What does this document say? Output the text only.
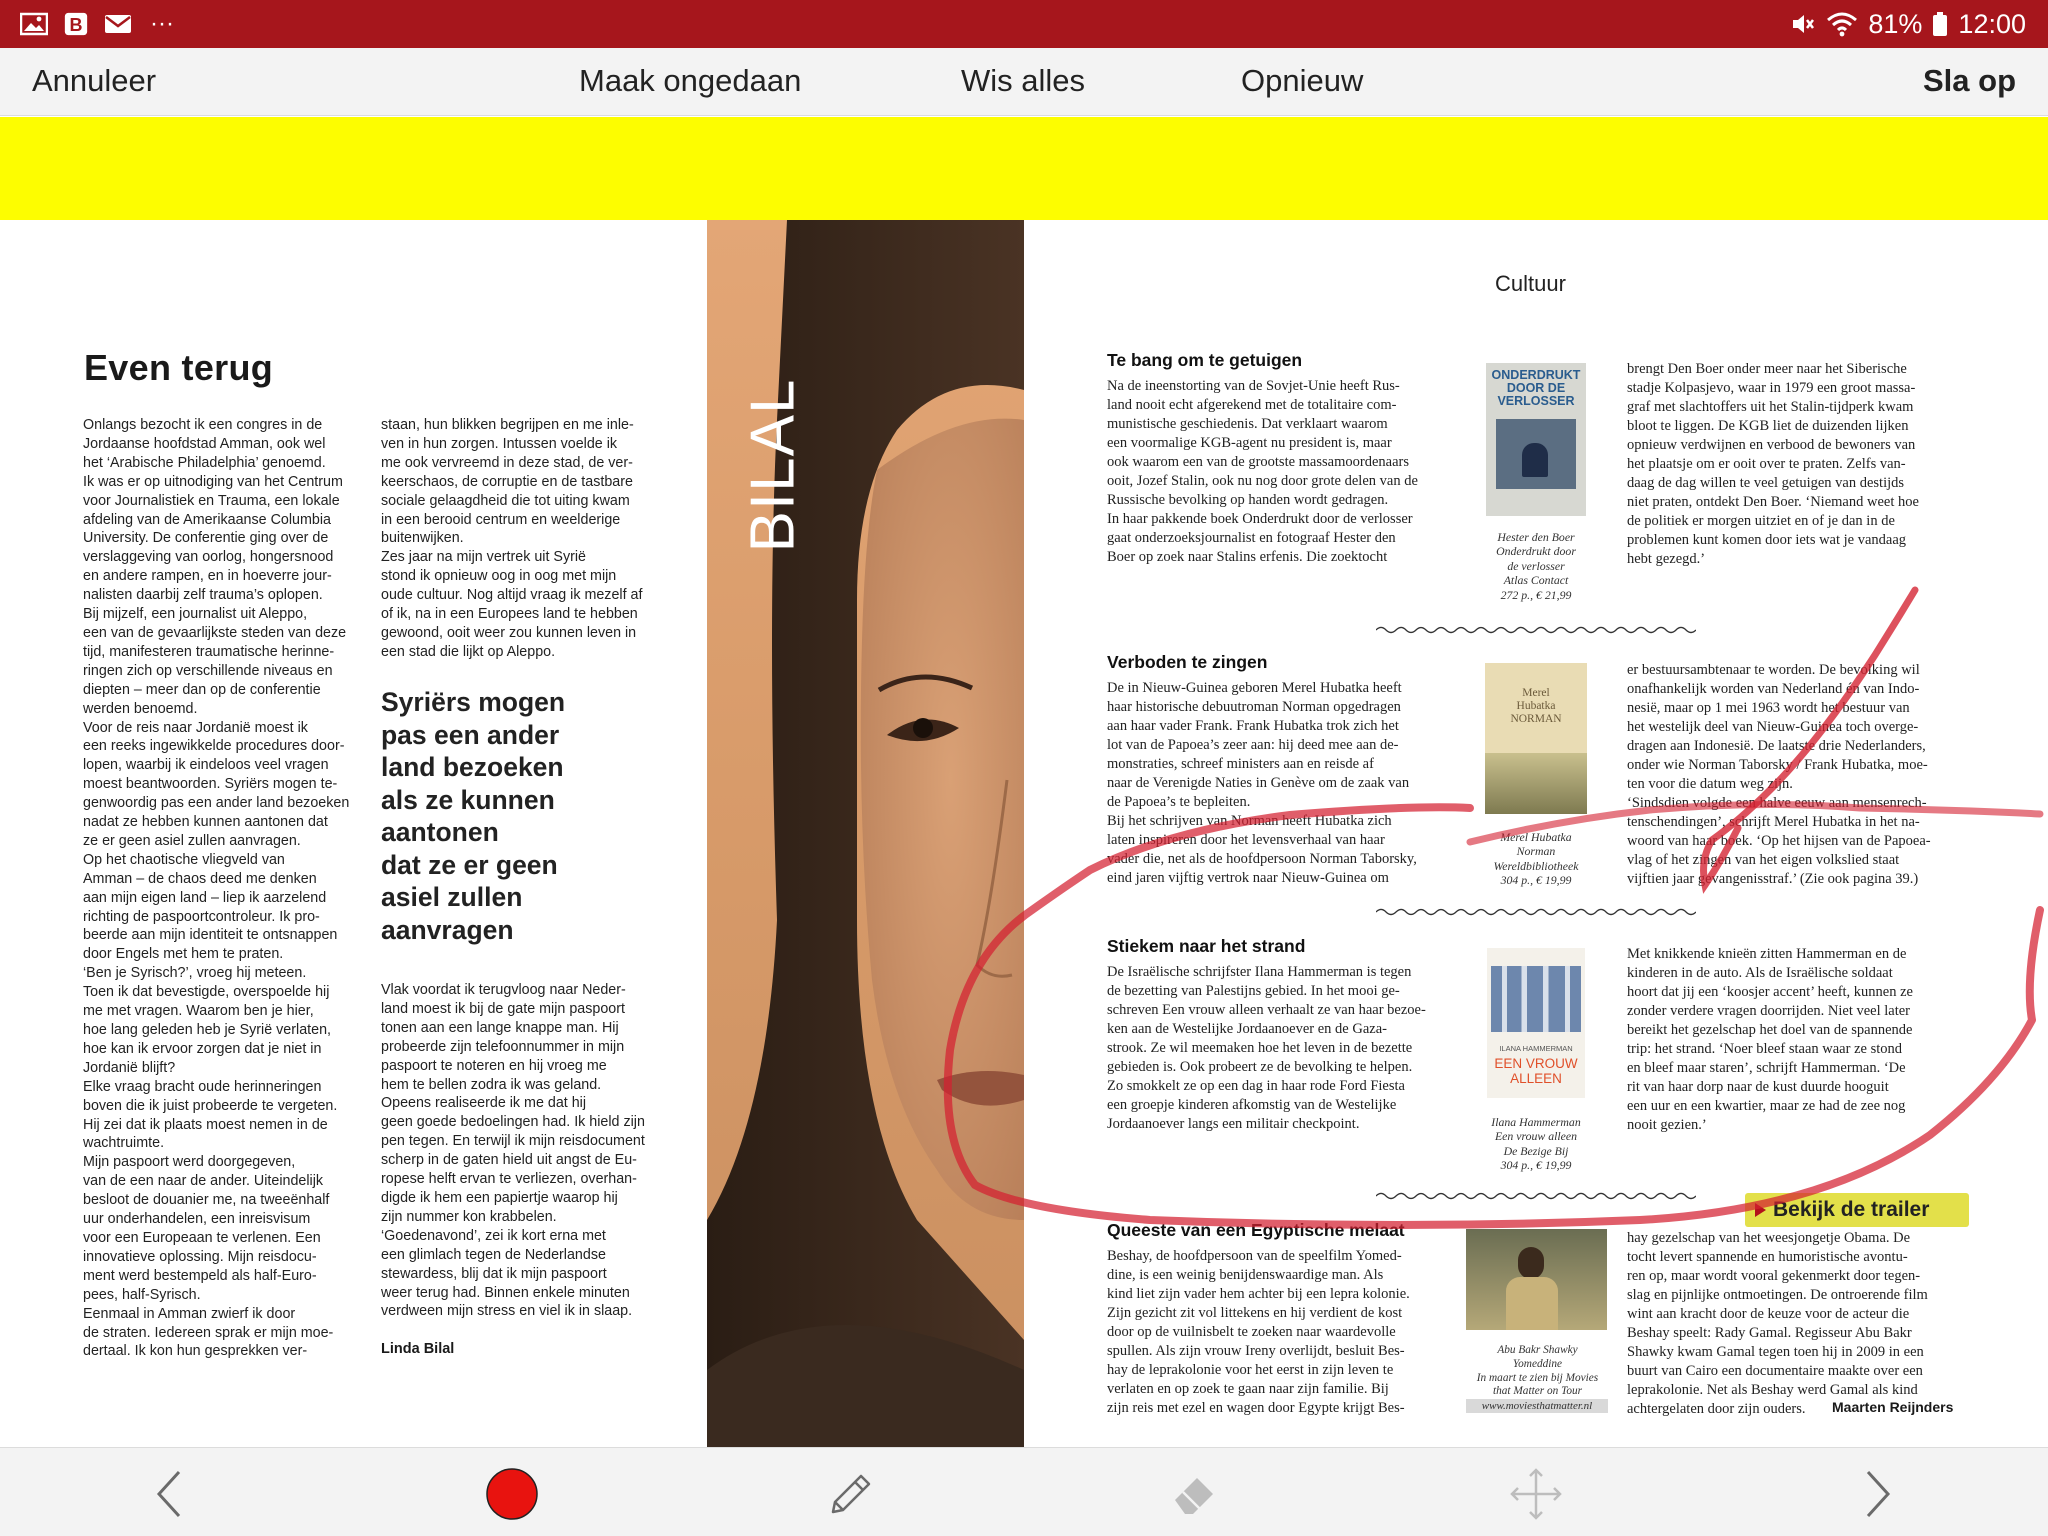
B	···	81% 12:00
Annuleer	Maak ongedaan	Wis alles	Opnieuw	Sla op
Even terug
Onlangs bezocht ik een congres in de
Jordaanse hoofdstad Amman, ook wel
het ‘Arabische Philadelphia’ genoemd.
Ik was er op uitnodiging van het Centrum
voor Journalistiek en Trauma, een lokale
afdeling van de Amerikaanse Columbia
University. De conferentie ging over de
verslaggeving van oorlog, hongersnood
en andere rampen, en in hoeverre jour-
nalisten daarbij zelf trauma’s oplopen.
Bij mijzelf, een journalist uit Aleppo,
een van de gevaarlijkste steden van deze
tijd, manifesteren traumatische herinne-
ringen zich op verschillende niveaus en
diepten – meer dan op de conferentie
werden benoemd.
Voor de reis naar Jordanië moest ik
een reeks ingewikkelde procedures door-
lopen, waarbij ik eindeloos veel vragen
moest beantwoorden. Syriërs mogen te-
genwoordig pas een ander land bezoeken
nadat ze hebben kunnen aantonen dat
ze er geen asiel zullen aanvragen.
Op het chaotische vliegveld van
Amman – de chaos deed me denken
aan mijn eigen land – liep ik aarzelend
richting de paspoortcontroleur. Ik pro-
beerde aan mijn identiteit te ontsnappen
door Engels met hem te praten.
‘Ben je Syrisch?’, vroeg hij meteen.
Toen ik dat bevestigde, overspoelde hij
me met vragen. Waarom ben je hier,
hoe lang geleden heb je Syrië verlaten,
hoe kan ik ervoor zorgen dat je niet in
Jordanië blijft?
Elke vraag bracht oude herinneringen
boven die ik juist probeerde te vergeten.
Hij zei dat ik plaats moest nemen in de
wachtruimte.
Mijn paspoort werd doorgegeven,
van de een naar de ander. Uiteindelijk
besloot de douanier me, na tweeënhalf
uur onderhandelen, een inreisvisum
voor een Europeaan te verlenen. Een
innovatieve oplossing. Mijn reisdocu-
ment werd bestempeld als half-Euro-
pees, half-Syrisch.
Eenmaal in Amman zwierf ik door
de straten. Iedereen sprak er mijn moe-
dertaal. Ik kon hun gesprekken ver-
staan, hun blikken begrijpen en me inle-
ven in hun zorgen. Intussen voelde ik
me ook vervreemd in deze stad, de ver-
keerschaos, de corruptie en de tastbare
sociale gelaagdheid die tot uiting kwam
in een berooid centrum en weelderige
buitenwijken.
Zes jaar na mijn vertrek uit Syrië
stond ik opnieuw oog in oog met mijn
oude cultuur. Nog altijd vraag ik mezelf af
of ik, na in een Europees land te hebben
gewoond, ooit weer zou kunnen leven in
een stad die lijkt op Aleppo.
Syriërs mogen
pas een ander
land bezoeken
als ze kunnen
aantonen
dat ze er geen
asiel zullen
aanvragen
Vlak voordat ik terugvloog naar Neder-
land moest ik bij de gate mijn paspoort
tonen aan een lange knappe man. Hij
probeerde zijn telefoonnummer in mijn
paspoort te noteren en hij vroeg me
hem te bellen zodra ik was geland.
Opeens realiseerde ik me dat hij
geen goede bedoelingen had. Ik hield zijn
pen tegen. En terwijl ik mijn reisdocument
scherp in de gaten hield uit angst de Eu-
ropese helft ervan te verliezen, overhan-
digde ik hem een papiertje waarop hij
zijn nummer kon krabbelen.
‘Goedenavond’, zei ik kort erna met
een glimlach tegen de Nederlandse
stewardess, blij dat ik mijn paspoort
weer terug had. Binnen enkele minuten
verdween mijn stress en viel ik in slaap.
Linda Bilal
BILAL
Cultuur
Te bang om te getuigen
Na de ineenstorting van de Sovjet-Unie heeft Rus-
land nooit echt afgerekend met de totalitaire com-
munistische geschiedenis. Dat verklaart waarom
een voormalige KGB-agent nu president is, maar
ook waarom een van de grootste massamoordenaars
ooit, Jozef Stalin, ook nu nog door grote delen van de
Russische bevolking op handen wordt gedragen.
In haar pakkende boek Onderdrukt door de verlosser
gaat onderzoeksjournalist en fotograaf Hester den
Boer op zoek naar Stalins erfenis. Die zoektocht
ONDERDRUKT
DOOR DE VERLOSSER
Hester den Boer
Onderdrukt door
de verlosser
Atlas Contact
272 p., € 21,99
brengt Den Boer onder meer naar het Siberische
stadje Kolpasjevo, waar in 1979 een groot massa-
graf met slachtoffers uit het Stalin-tijdperk kwam
bloot te liggen. De KGB liet de duizenden lijken
opnieuw verdwijnen en verbood de bewoners van
het plaatsje om er ooit over te praten. Zelfs van-
daag de dag willen te veel getuigen van destijds
niet praten, ontdekt Den Boer. ‘Niemand weet hoe
de politiek er morgen uitziet en of je dan in de
problemen kunt komen door iets wat je vandaag
hebt gezegd.’
Verboden te zingen
De in Nieuw-Guinea geboren Merel Hubatka heeft
haar historische debuutroman Norman opgedragen
aan haar vader Frank. Frank Hubatka trok zich het
lot van de Papoea’s zeer aan: hij deed mee aan de-
monstraties, schreef ministers aan en reisde af
naar de Verenigde Naties in Genève om de zaak van
de Papoea’s te bepleiten.
Bij het schrijven van Norman heeft Hubatka zich
laten inspireren door het levensverhaal van haar
vader die, net als de hoofdpersoon Norman Taborsky,
eind jaren vijftig vertrok naar Nieuw-Guinea om
Merel
Hubatka
NORMAN
Merel Hubatka
Norman
Wereldbibliotheek
304 p., € 19,99
er bestuursambtenaar te worden. De bevolking wil
onafhankelijk worden van Nederland én van Indo-
nesië, maar op 1 mei 1963 wordt het bestuur van
het westelijk deel van Nieuw-Guinea toch overge-
dragen aan Indonesië. De laatste drie Nederlanders,
onder wie Norman Taborsky / Frank Hubatka, moe-
ten voor die datum weg zijn.
‘Sindsdien volgde een halve eeuw aan mensenrech-
tenschendingen’, schrijft Merel Hubatka in het na-
woord van haar boek. ‘Op het hijsen van de Papoea-
vlag of het zingen van het eigen volkslied staat
vijftien jaar gevangenisstraf.’ (Zie ook pagina 39.)
Stiekem naar het strand
De Israëlische schrijfster Ilana Hammerman is tegen
de bezetting van Palestijns gebied. In het mooi ge-
schreven Een vrouw alleen verhaalt ze van haar bezoe-
ken aan de Westelijke Jordaanoever en de Gaza-
strook. Ze wil meemaken hoe het leven in de bezette
gebieden is. Ook probeert ze de bevolking te helpen.
Zo smokkelt ze op een dag in haar rode Ford Fiesta
een groepje kinderen afkomstig van de Westelijke
Jordaanoever langs een militair checkpoint.
ILANA HAMMERMAN
EEN VROUW
ALLEEN
Ilana Hammerman
Een vrouw alleen
De Bezige Bij
304 p., € 19,99
Met knikkende knieën zitten Hammerman en de
kinderen in de auto. Als de Israëlische soldaat
hoort dat jij een ‘koosjer accent’ heeft, kunnen ze
zonder verdere vragen doorrijden. Niet veel later
bereikt het gezelschap het doel van de spannende
trip: het strand. ‘Noer bleef staan waar ze stond
en bleef maar staren’, schrijft Hammerman. ‘De
rit van haar dorp naar de kust duurde hooguit
een uur en een kwartier, maar ze had de zee nog
nooit gezien.’
Bekijk de trailer
Queeste van een Egyptische melaat
Beshay, de hoofdpersoon van de speelfilm Yomed-
dine, is een weinig benijdenswaardige man. Als
kind liet zijn vader hem achter bij een lepra kolonie.
Zijn gezicht zit vol littekens en hij verdient de kost
door op de vuilnisbelt te zoeken naar waardevolle
spullen. Als zijn vrouw Ireny overlijdt, besluit Bes-
hay de leprakolonie voor het eerst in zijn leven te
verlaten en op zoek te gaan naar zijn familie. Bij
zijn reis met ezel en wagen door Egypte krijgt Bes-
Abu Bakr Shawky
Yomeddine
In maart te zien bij Movies
that Matter on Tour
www.moviesthatmatter.nl
hay gezelschap van het weesjongetje Obama. De
tocht levert spannende en humoristische avontu-
ren op, maar wordt vooral gekenmerkt door tegen-
slag en pijnlijke ontmoetingen. De ontroerende film
wint aan kracht door de keuze voor de acteur die
Beshay speelt: Rady Gamal. Regisseur Abu Bakr
Shawky kwam Gamal tegen toen hij in 2009 in een
buurt van Cairo een documentaire maakte over een
leprakolonie. Net als Beshay werd Gamal als kind
achtergelaten door zijn ouders.	Maarten Reijnders
